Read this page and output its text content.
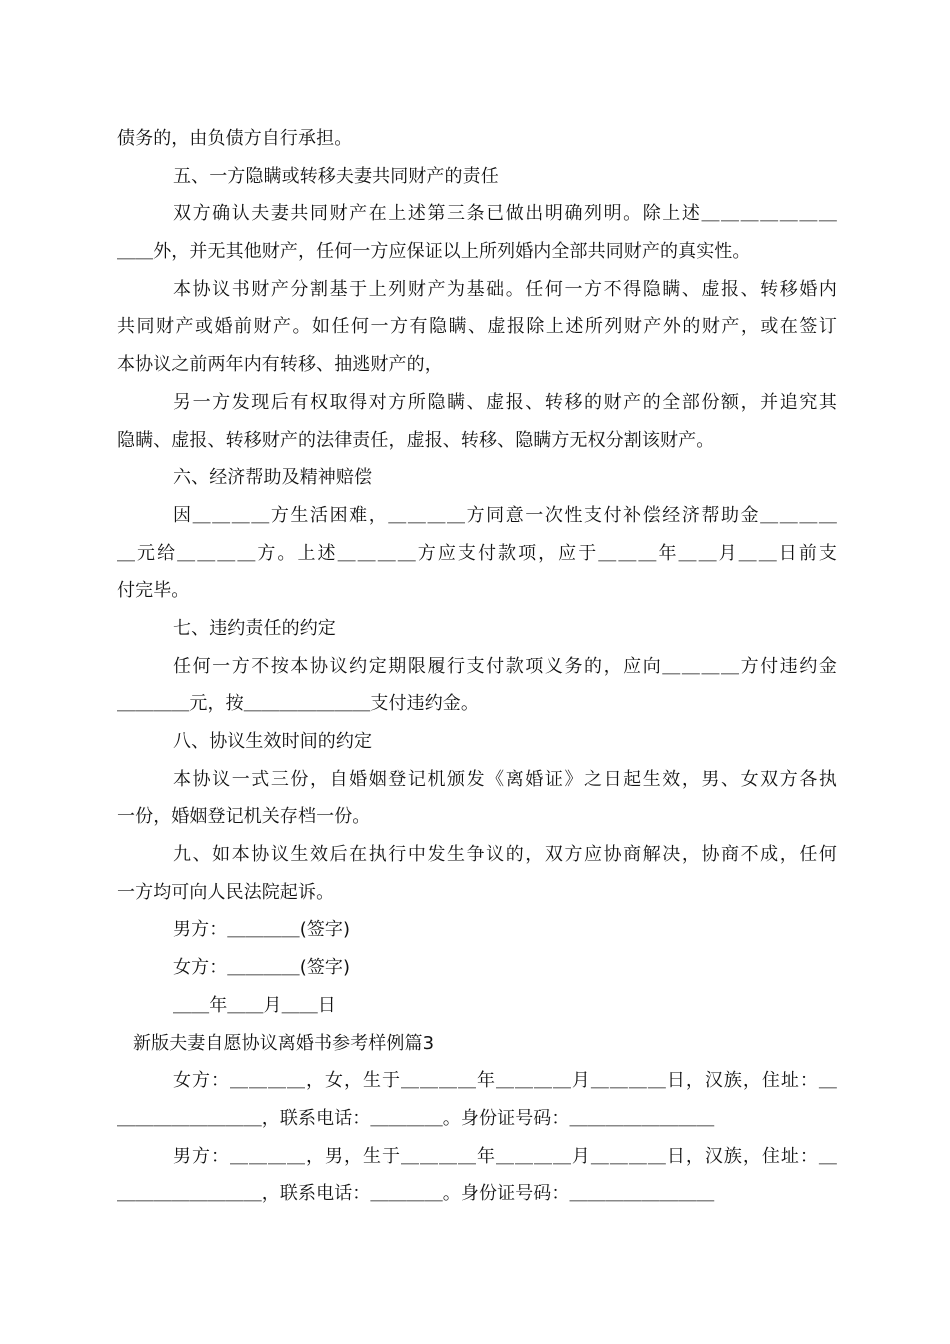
债务的，由负债方自行承担。
五、一方隐瞒或转移夫妻共同财产的责任
双方确认夫妻共同财产在上述第三条已做出明确列明。除上述＿＿＿＿＿＿＿
＿＿外，并无其他财产，任何一方应保证以上所列婚内全部共同财产的真实性。
本协议书财产分割基于上列财产为基础。任何一方不得隐瞒、虚报、转移婚内
共同财产或婚前财产。如任何一方有隐瞒、虚报除上述所列财产外的财产，或在签订
本协议之前两年内有转移、抽逃财产的，
另一方发现后有权取得对方所隐瞒、虚报、转移的财产的全部份额，并追究其
隐瞒、虚报、转移财产的法律责任，虚报、转移、隐瞒方无权分割该财产。
六、经济帮助及精神赔偿
因＿＿＿＿方生活困难，＿＿＿＿方同意一次性支付补偿经济帮助金＿＿＿＿
＿元给＿＿＿＿方。上述＿＿＿＿方应支付款项，应于＿＿＿年＿＿月＿＿日前支
付完毕。
七、违约责任的约定
任何一方不按本协议约定期限履行支付款项义务的，应向＿＿＿＿方付违约金
＿＿＿＿元，按＿＿＿＿＿＿＿支付违约金。
八、协议生效时间的约定
本协议一式三份，自婚姻登记机颁发《离婚证》之日起生效，男、女双方各执
一份，婚姻登记机关存档一份。
九、如本协议生效后在执行中发生争议的，双方应协商解决，协商不成，任何
一方均可向人民法院起诉。
男方：＿＿＿＿(签字)
女方：＿＿＿＿(签字)
＿＿年＿＿月＿＿日
新版夫妻自愿协议离婚书参考样例篇3
女方：＿＿＿＿，女，生于＿＿＿＿年＿＿＿＿月＿＿＿＿日，汉族，住址：＿
＿＿＿＿＿＿＿＿，联系电话：＿＿＿＿。身份证号码：＿＿＿＿＿＿＿＿
男方：＿＿＿＿，男，生于＿＿＿＿年＿＿＿＿月＿＿＿＿日，汉族，住址：＿
＿＿＿＿＿＿＿＿，联系电话：＿＿＿＿。身份证号码：＿＿＿＿＿＿＿＿
